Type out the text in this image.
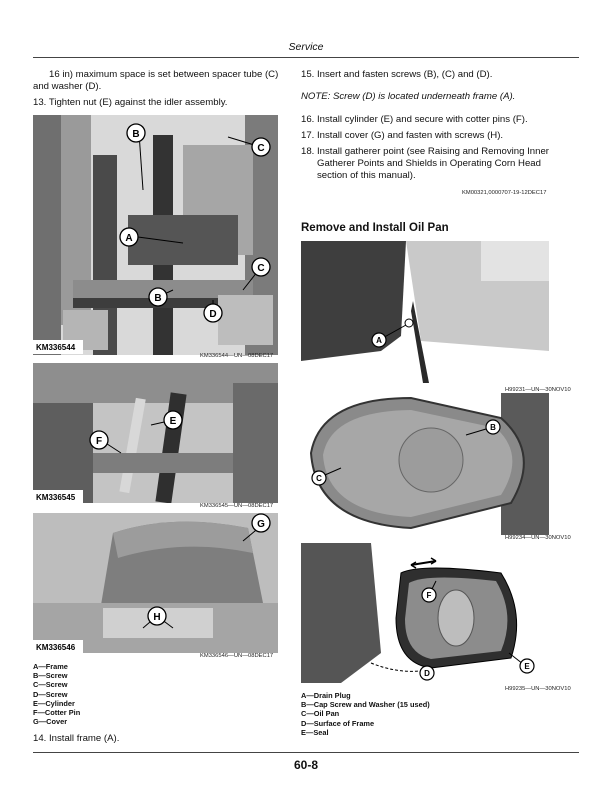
Service
16 in) maximum space is set between spacer tube (C) and washer (D).
13. Tighten nut (E) against the idler assembly.
A
B
B
C
C
D
KM336544
KM336544—UN—08DEC17
E
F
KM336545
KM336545—UN—08DEC17
G
H
KM336546
KM336546—UN—08DEC17
A—Frame
B—Screw
C—Screw
D—Screw
E—Cylinder
F—Cotter Pin
G—Cover
14. Install frame (A).
15. Insert and fasten screws (B), (C) and (D).
NOTE: Screw (D) is located underneath frame (A).
16. Install cylinder (E) and secure with cotter pins (F).
17. Install cover (G) and fasten with screws (H).
18. Install gatherer point (see Raising and Removing Inner Gatherer Points and Shields in Operating Corn Head section of this manual).
KM00321,0000707-19-12DEC17
Remove and Install Oil Pan
A
H99231—UN—30NOV10
B
C
H99234—UN—30NOV10
F
E
D
H99235—UN—30NOV10
A—Drain Plug
B—Cap Screw and Washer (15 used)
C—Oil Pan
D—Surface of Frame
E—Seal
60-8
